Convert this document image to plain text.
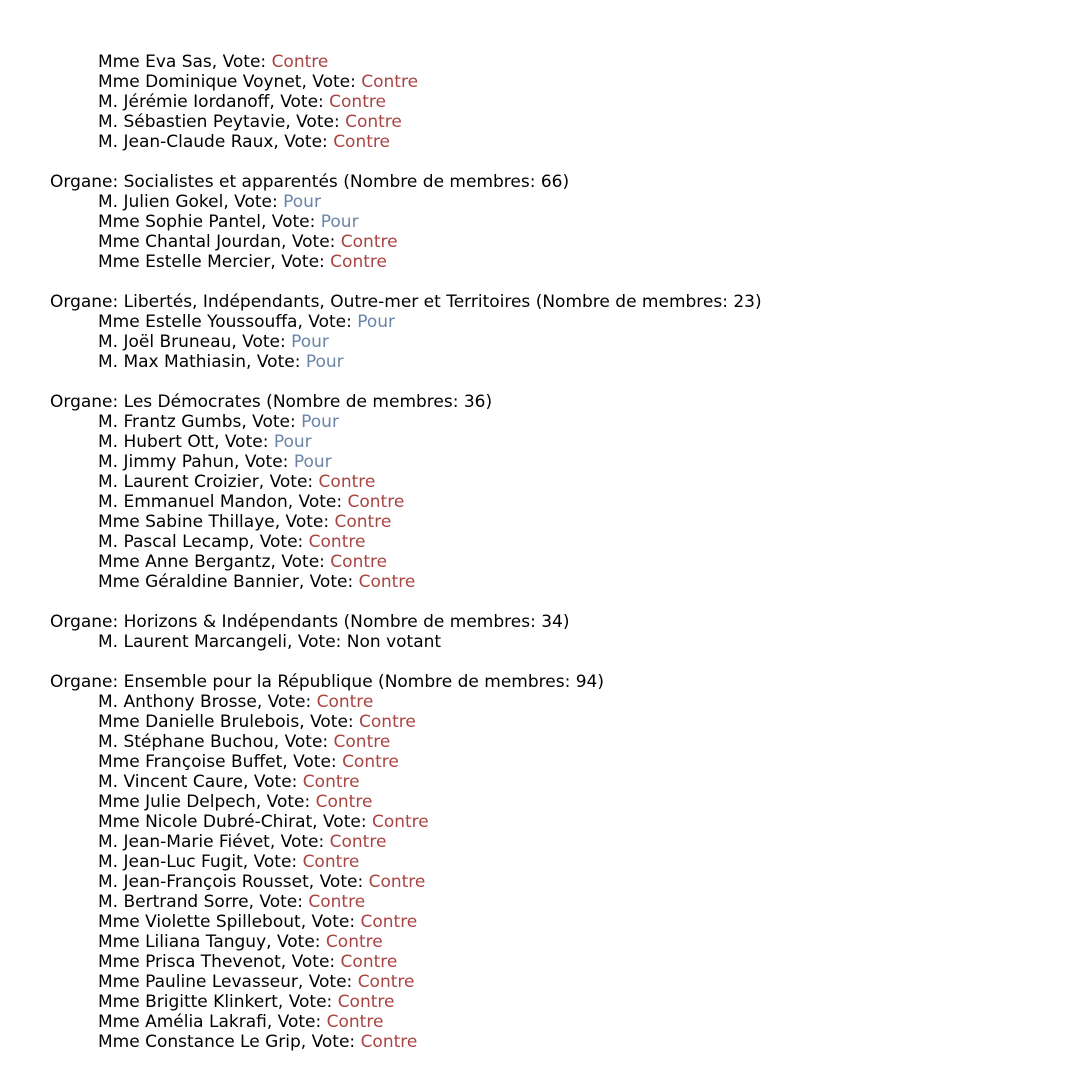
Mme Eva Sas, Vote: Contre
Mme Dominique Voynet, Vote: Contre
M. Jérémie Iordanoff, Vote: Contre
M. Sébastien Peytavie, Vote: Contre
M. Jean-Claude Raux, Vote: Contre
Organe: Socialistes et apparentés (Nombre de membres: 66)
M. Julien Gokel, Vote: Pour
Mme Sophie Pantel, Vote: Pour
Mme Chantal Jourdan, Vote: Contre
Mme Estelle Mercier, Vote: Contre
Organe: Libertés, Indépendants, Outre-mer et Territoires (Nombre de membres: 23)
Mme Estelle Youssouffa, Vote: Pour
M. Joël Bruneau, Vote: Pour
M. Max Mathiasin, Vote: Pour
Organe: Les Démocrates (Nombre de membres: 36)
M. Frantz Gumbs, Vote: Pour
M. Hubert Ott, Vote: Pour
M. Jimmy Pahun, Vote: Pour
M. Laurent Croizier, Vote: Contre
M. Emmanuel Mandon, Vote: Contre
Mme Sabine Thillaye, Vote: Contre
M. Pascal Lecamp, Vote: Contre
Mme Anne Bergantz, Vote: Contre
Mme Géraldine Bannier, Vote: Contre
Organe: Horizons & Indépendants (Nombre de membres: 34)
M. Laurent Marcangeli, Vote: Non votant
Organe: Ensemble pour la République (Nombre de membres: 94)
M. Anthony Brosse, Vote: Contre
Mme Danielle Brulebois, Vote: Contre
M. Stéphane Buchou, Vote: Contre
Mme Françoise Buffet, Vote: Contre
M. Vincent Caure, Vote: Contre
Mme Julie Delpech, Vote: Contre
Mme Nicole Dubré-Chirat, Vote: Contre
M. Jean-Marie Fiévet, Vote: Contre
M. Jean-Luc Fugit, Vote: Contre
M. Jean-François Rousset, Vote: Contre
M. Bertrand Sorre, Vote: Contre
Mme Violette Spillebout, Vote: Contre
Mme Liliana Tanguy, Vote: Contre
Mme Prisca Thevenot, Vote: Contre
Mme Pauline Levasseur, Vote: Contre
Mme Brigitte Klinkert, Vote: Contre
Mme Amélia Lakrafi, Vote: Contre
Mme Constance Le Grip, Vote: Contre
